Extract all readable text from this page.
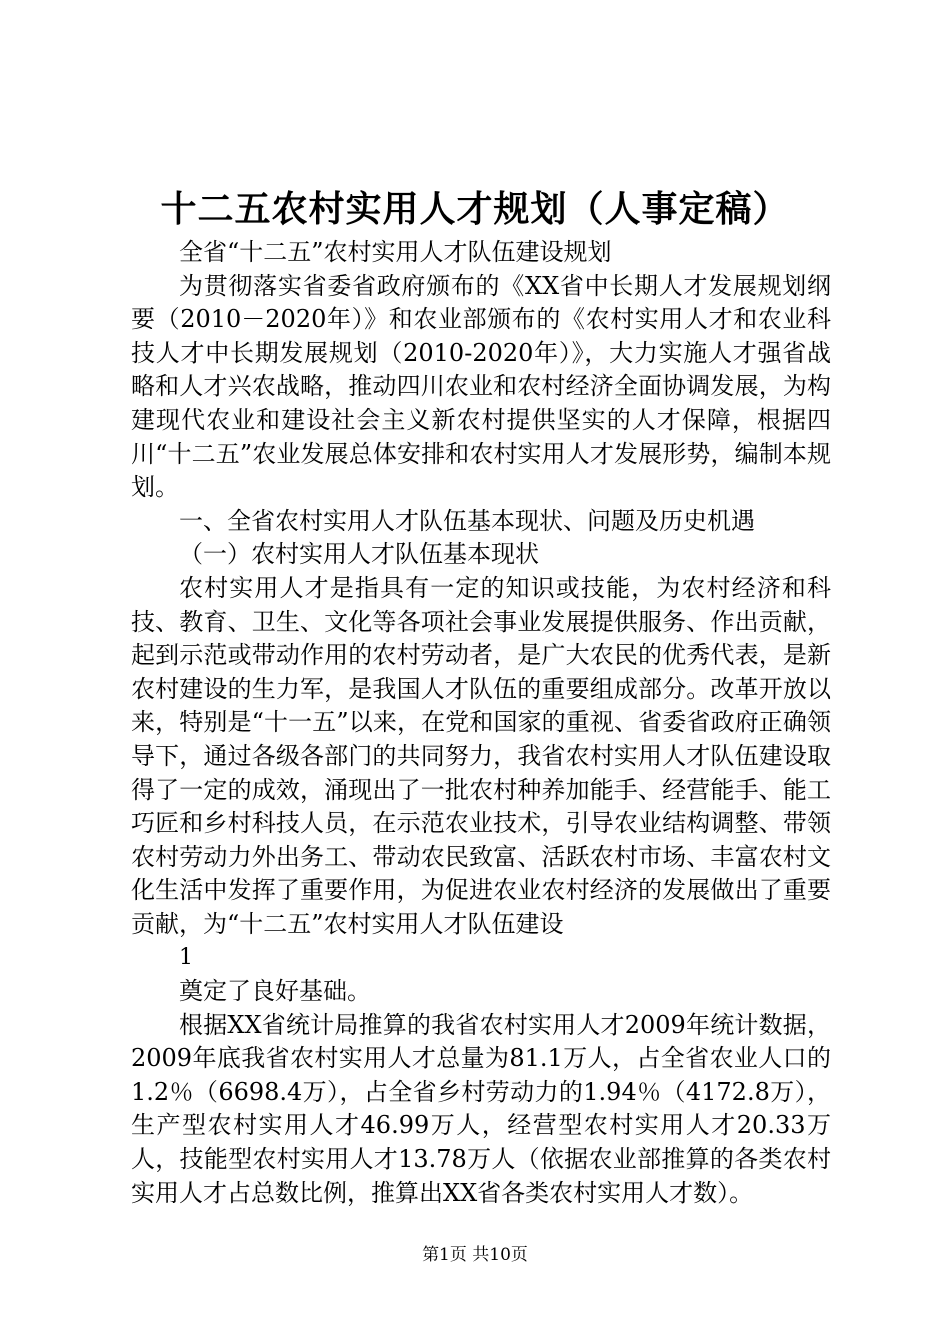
十二五农村实用人才规划（人事定稿）

全省“十二五”农村实用人才队伍建设规划

为贯彻落实省委省政府颁布的《XX省中长期人才发展规划纲要（2010－2020年）》和农业部颁布的《农村实用人才和农业科技人才中长期发展规划（2010-2020年）》，大力实施人才强省战略和人才兴农战略，推动四川农业和农村经济全面协调发展，为构建现代农业和建设社会主义新农村提供坚实的人才保障，根据四川“十二五”农业发展总体安排和农村实用人才发展形势，编制本规划。

一、全省农村实用人才队伍基本现状、问题及历史机遇

（一）农村实用人才队伍基本现状

农村实用人才是指具有一定的知识或技能，为农村经济和科技、教育、卫生、文化等各项社会事业发展提供服务、作出贡献，起到示范或带动作用的农村劳动者，是广大农民的优秀代表，是新农村建设的生力军，是我国人才队伍的重要组成部分。改革开放以来，特别是“十一五”以来，在党和国家的重视、省委省政府正确领导下，通过各级各部门的共同努力，我省农村实用人才队伍建设取得了一定的成效，涌现出了一批农村种养加能手、经营能手、能工巧匠和乡村科技人员，在示范农业技术，引导农业结构调整、带领农村劳动力外出务工、带动农民致富、活跃农村市场、丰富农村文化生活中发挥了重要作用，为促进农业农村经济的发展做出了重要贡献，为“十二五”农村实用人才队伍建设

1

奠定了良好基础。

根据XX省统计局推算的我省农村实用人才2009年统计数据，2009年底我省农村实用人才总量为81.1万人，占全省农业人口的1.2％（6698.4万），占全省乡村劳动力的1.94％（4172.8万），生产型农村实用人才46.99万人，经营型农村实用人才20.33万人，技能型农村实用人才13.78万人（依据农业部推算的各类农村实用人才占总数比例，推算出XX省各类农村实用人才数）。

第1页 共10页
